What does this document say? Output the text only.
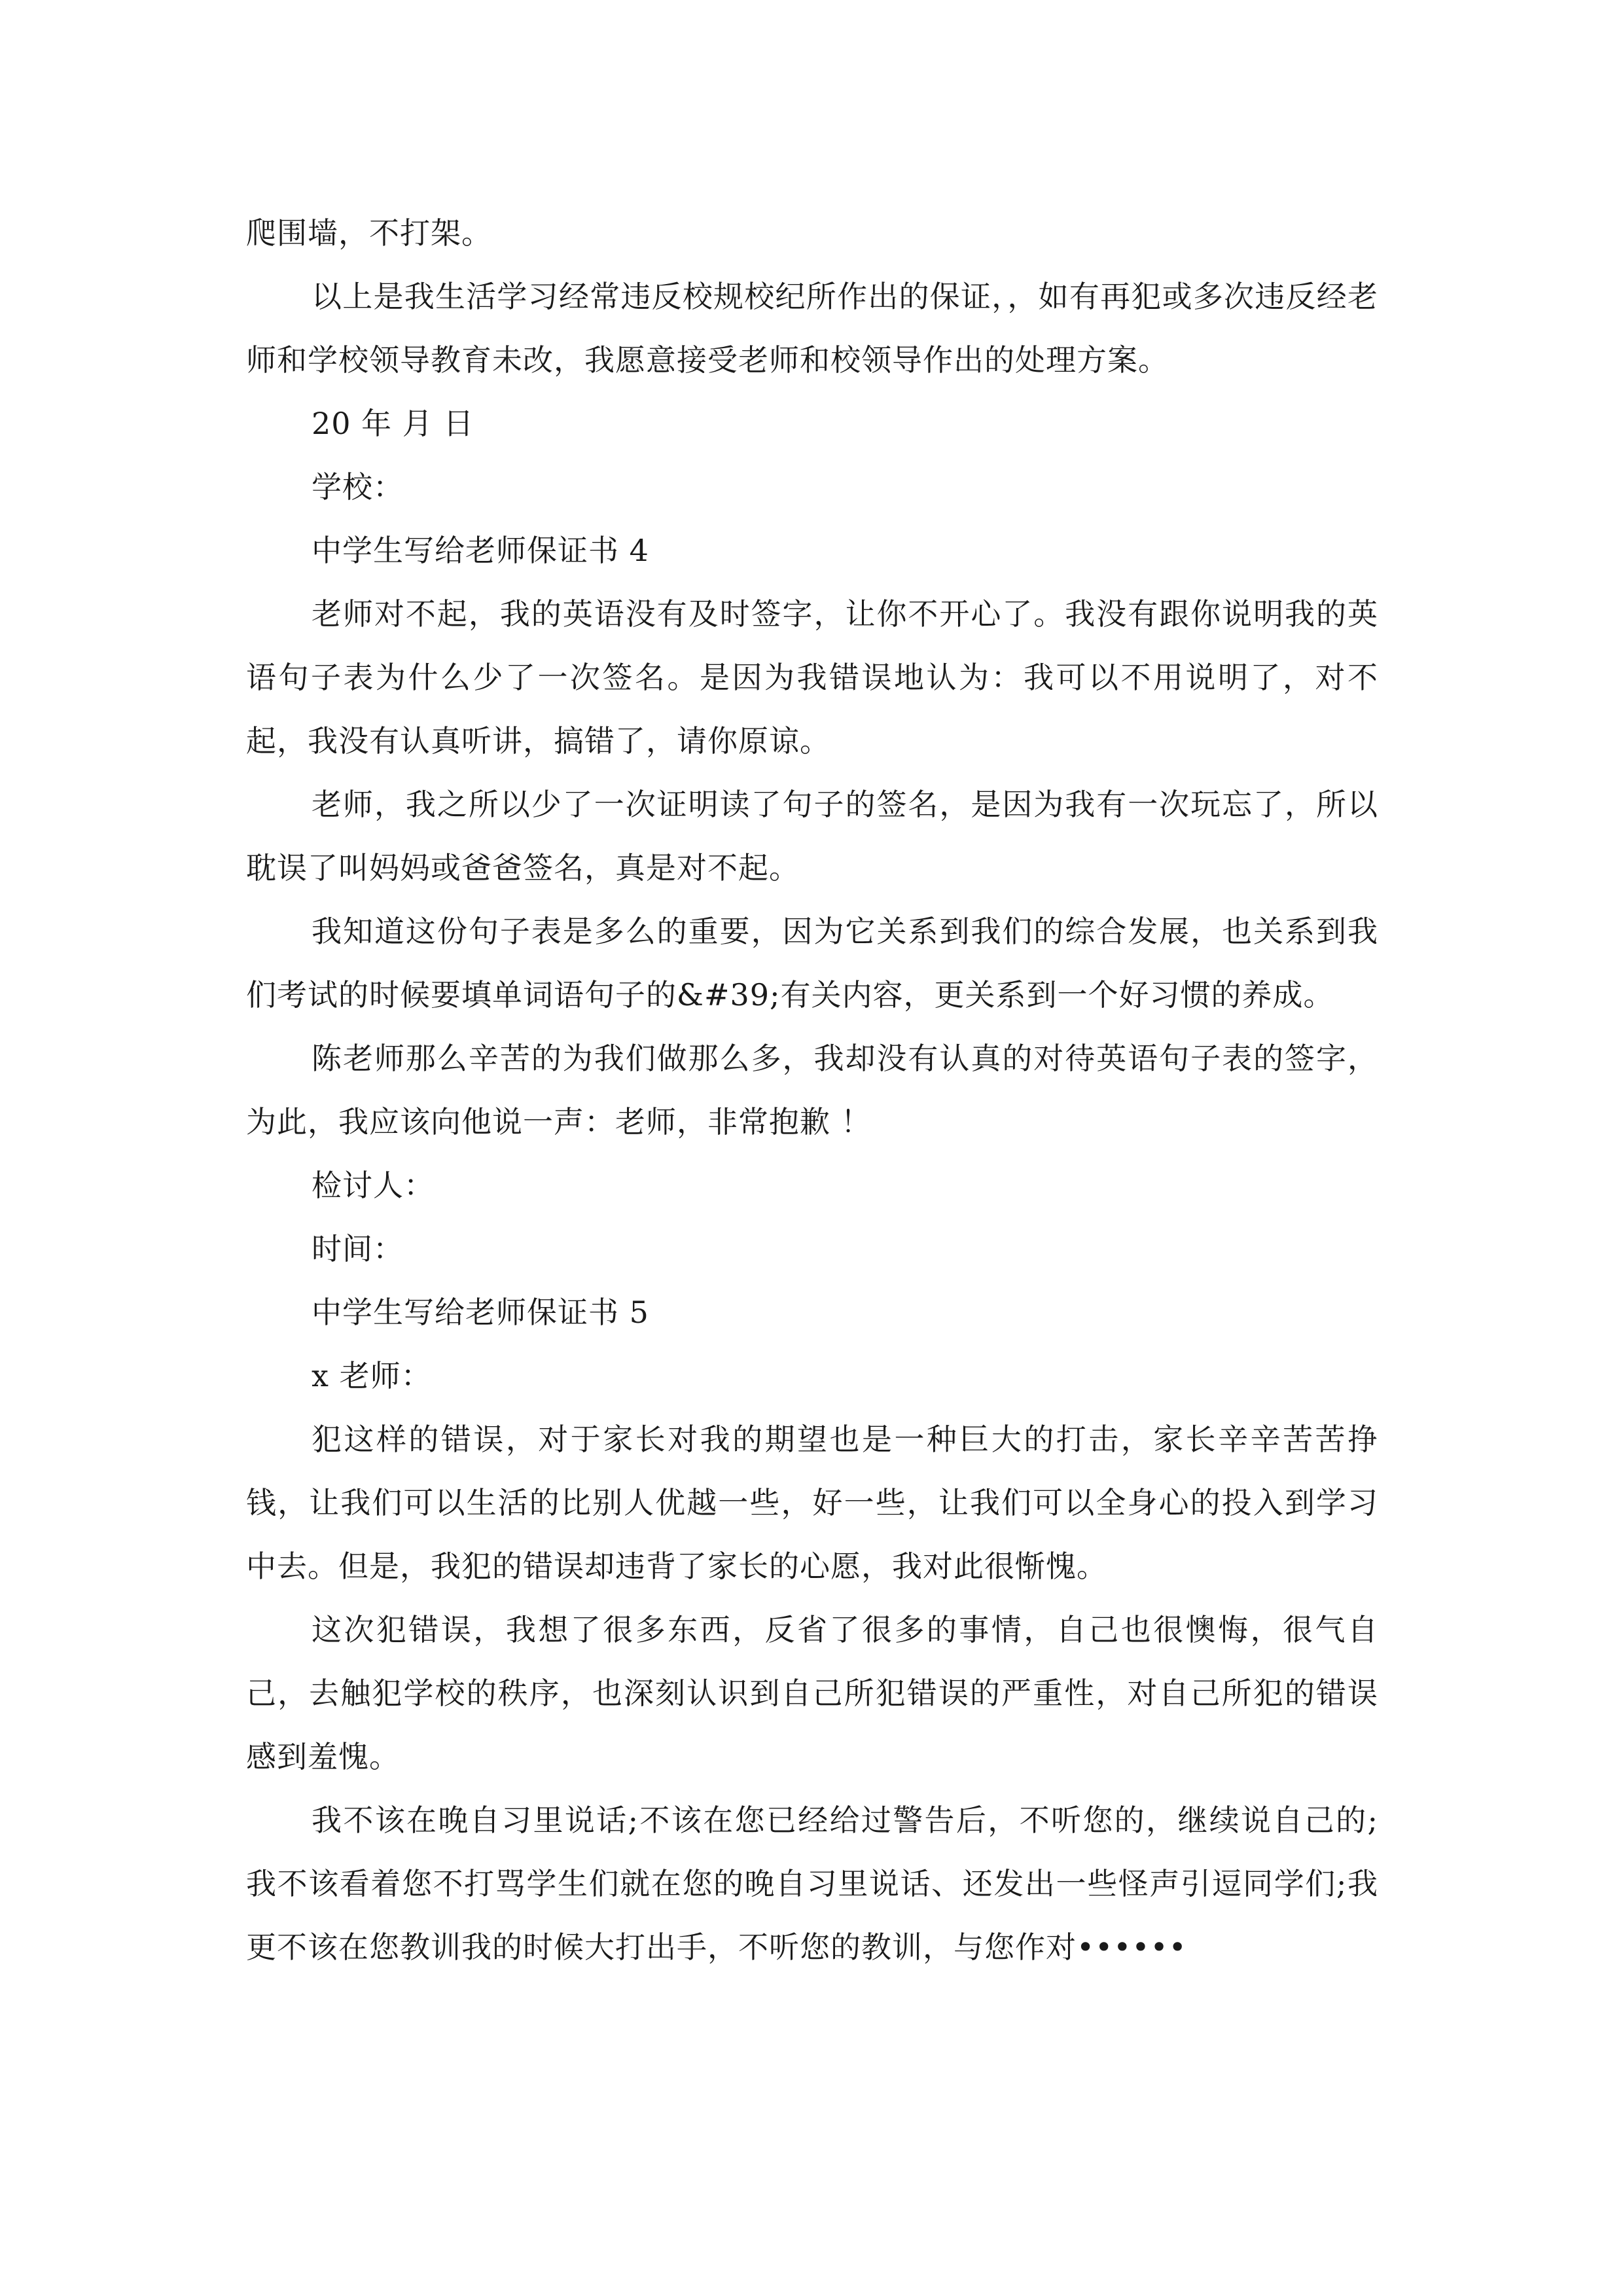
爬围墙，不打架。

以上是我生活学习经常违反校规校纪所作出的保证，，如有再犯或多次违反经老师和学校领导教育未改，我愿意接受老师和校领导作出的处理方案。

20 年 月 日

学校：

中学生写给老师保证书 4

老师对不起，我的英语没有及时签字，让你不开心了。我没有跟你说明我的英语句子表为什么少了一次签名。是因为我错误地认为：我可以不用说明了，对不起，我没有认真听讲，搞错了，请你原谅。

老师，我之所以少了一次证明读了句子的签名，是因为我有一次玩忘了，所以耽误了叫妈妈或爸爸签名，真是对不起。

我知道这份句子表是多么的重要，因为它关系到我们的综合发展，也关系到我们考试的时候要填单词语句子的&#39;有关内容，更关系到一个好习惯的养成。

陈老师那么辛苦的为我们做那么多，我却没有认真的对待英语句子表的签字，为此，我应该向他说一声：老师，非常抱歉 ！

检讨人：

时间：

中学生写给老师保证书 5

x 老师：

犯这样的错误，对于家长对我的期望也是一种巨大的打击，家长辛辛苦苦挣钱，让我们可以生活的比别人优越一些，好一些，让我们可以全身心的投入到学习中去。但是，我犯的错误却违背了家长的心愿，我对此很惭愧。

这次犯错误，我想了很多东西，反省了很多的事情，自己也很懊悔，很气自己，去触犯学校的秩序，也深刻认识到自己所犯错误的严重性，对自己所犯的错误感到羞愧。

我不该在晚自习里说话;不该在您已经给过警告后，不听您的，继续说自己的;我不该看着您不打骂学生们就在您的晚自习里说话、还发出一些怪声引逗同学们;我更不该在您教训我的时候大打出手，不听您的教训，与您作对••••••
